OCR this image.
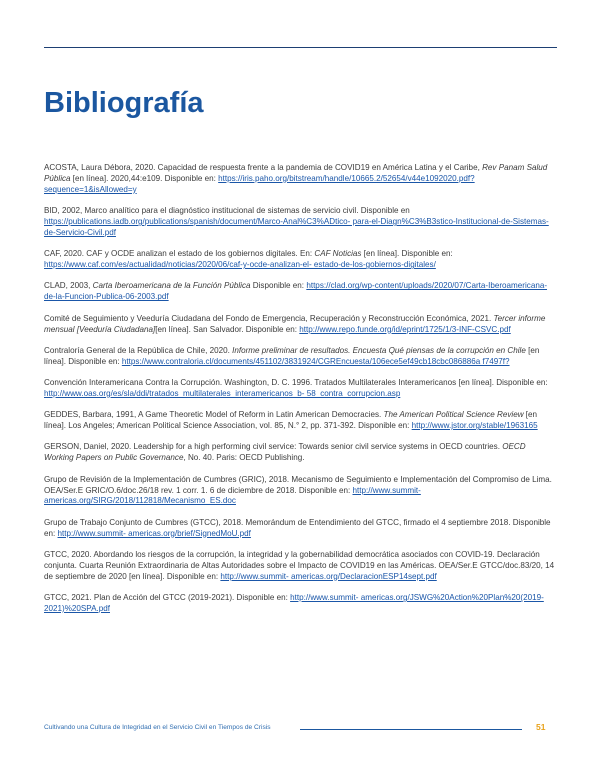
Bibliografía

ACOSTA, Laura Débora, 2020. Capacidad de respuesta frente a la pandemia de COVID19 en América Latina y el Caribe, Rev Panam Salud Pública [en línea]. 2020,44:e109. Disponible en: https://iris.paho.org/bitstream/handle/10665.2/52654/v44e1092020.pdf?sequence=1&isAllowed=y

BID, 2002, Marco analítico para el diagnóstico institucional de sistemas de servicio civil. Disponible en https://publications.iadb.org/publications/spanish/document/Marco-Anal%C3%ADtico- para-el-Diagn%C3%B3stico-Institucional-de-Sistemas-de-Servicio-Civil.pdf

CAF, 2020. CAF y OCDE analizan el estado de los gobiernos digitales. En: CAF Noticias [en línea]. Disponible en: https://www.caf.com/es/actualidad/noticias/2020/06/caf-y-ocde-analizan-el- estado-de-los-gobiernos-digitales/

CLAD, 2003, Carta Iberoamericana de la Función Pública Disponible en: https://clad.org/wp-content/uploads/2020/07/Carta-Iberoamericana-de-la-Funcion-Publica-06-2003.pdf

Comité de Seguimiento y Veeduría Ciudadana del Fondo de Emergencia, Recuperación y Reconstrucción Económica, 2021. Tercer informe mensual [Veeduría Ciudadana][en línea]. San Salvador. Disponible en: http://www.repo.funde.org/id/eprint/1725/1/3-INF-CSVC.pdf

Contraloría General de la República de Chile, 2020. Informe preliminar de resultados. Encuesta Qué piensas de la corrupción en Chile [en línea]. Disponible en: https://www.contraloria.cl/documents/451102/3831924/CGREncuesta/106ece5ef49cb18cbc086886a f7497f?

Convención Interamericana Contra la Corrupción. Washington, D. C. 1996. Tratados Multilaterales Interamericanos [en línea]. Disponible en: http://www.oas.org/es/sla/ddi/tratados_multilaterales_interamericanos_b- 58_contra_corrupcion.asp

GEDDES, Barbara, 1991, A Game Theoretic Model of Reform in Latin American Democracies. The American Political Science Review [en línea]. Los Angeles; American Political Science Association, vol. 85, N.° 2, pp. 371-392. Disponible en: http://www.jstor.org/stable/1963165

GERSON, Daniel, 2020. Leadership for a high performing civil service: Towards senior civil service systems in OECD countries. OECD Working Papers on Public Governance, No. 40. Paris: OECD Publishing.

Grupo de Revisión de la Implementación de Cumbres (GRIC), 2018. Mecanismo de Seguimiento e Implementación del Compromiso de Lima. OEA/Ser.E GRIC/O.6/doc.26/18 rev. 1 corr. 1. 6 de diciembre de 2018. Disponible en: http://www.summit- americas.org/SIRG/2018/112818/Mecanismo_ES.doc

Grupo de Trabajo Conjunto de Cumbres (GTCC), 2018. Memorándum de Entendimiento del GTCC, firmado el 4 septiembre 2018. Disponible en: http://www.summit- americas.org/brief/SignedMoU.pdf

GTCC, 2020. Abordando los riesgos de la corrupción, la integridad y la gobernabilidad democrática asociados con COVID-19. Declaración conjunta. Cuarta Reunión Extraordinaria de Altas Autoridades sobre el Impacto de COVID19 en las Américas. OEA/Ser.E GTCC/doc.83/20, 14 de septiembre de 2020 [en línea]. Disponible en: http://www.summit- americas.org/DeclaracionESP14sept.pdf

GTCC, 2021. Plan de Acción del GTCC (2019-2021). Disponible en: http://www.summit- americas.org/JSWG%20Action%20Plan%20(2019-2021)%20SPA.pdf

Cultivando una Cultura de Integridad en el Servicio Civil en Tiempos de Crisis	51
